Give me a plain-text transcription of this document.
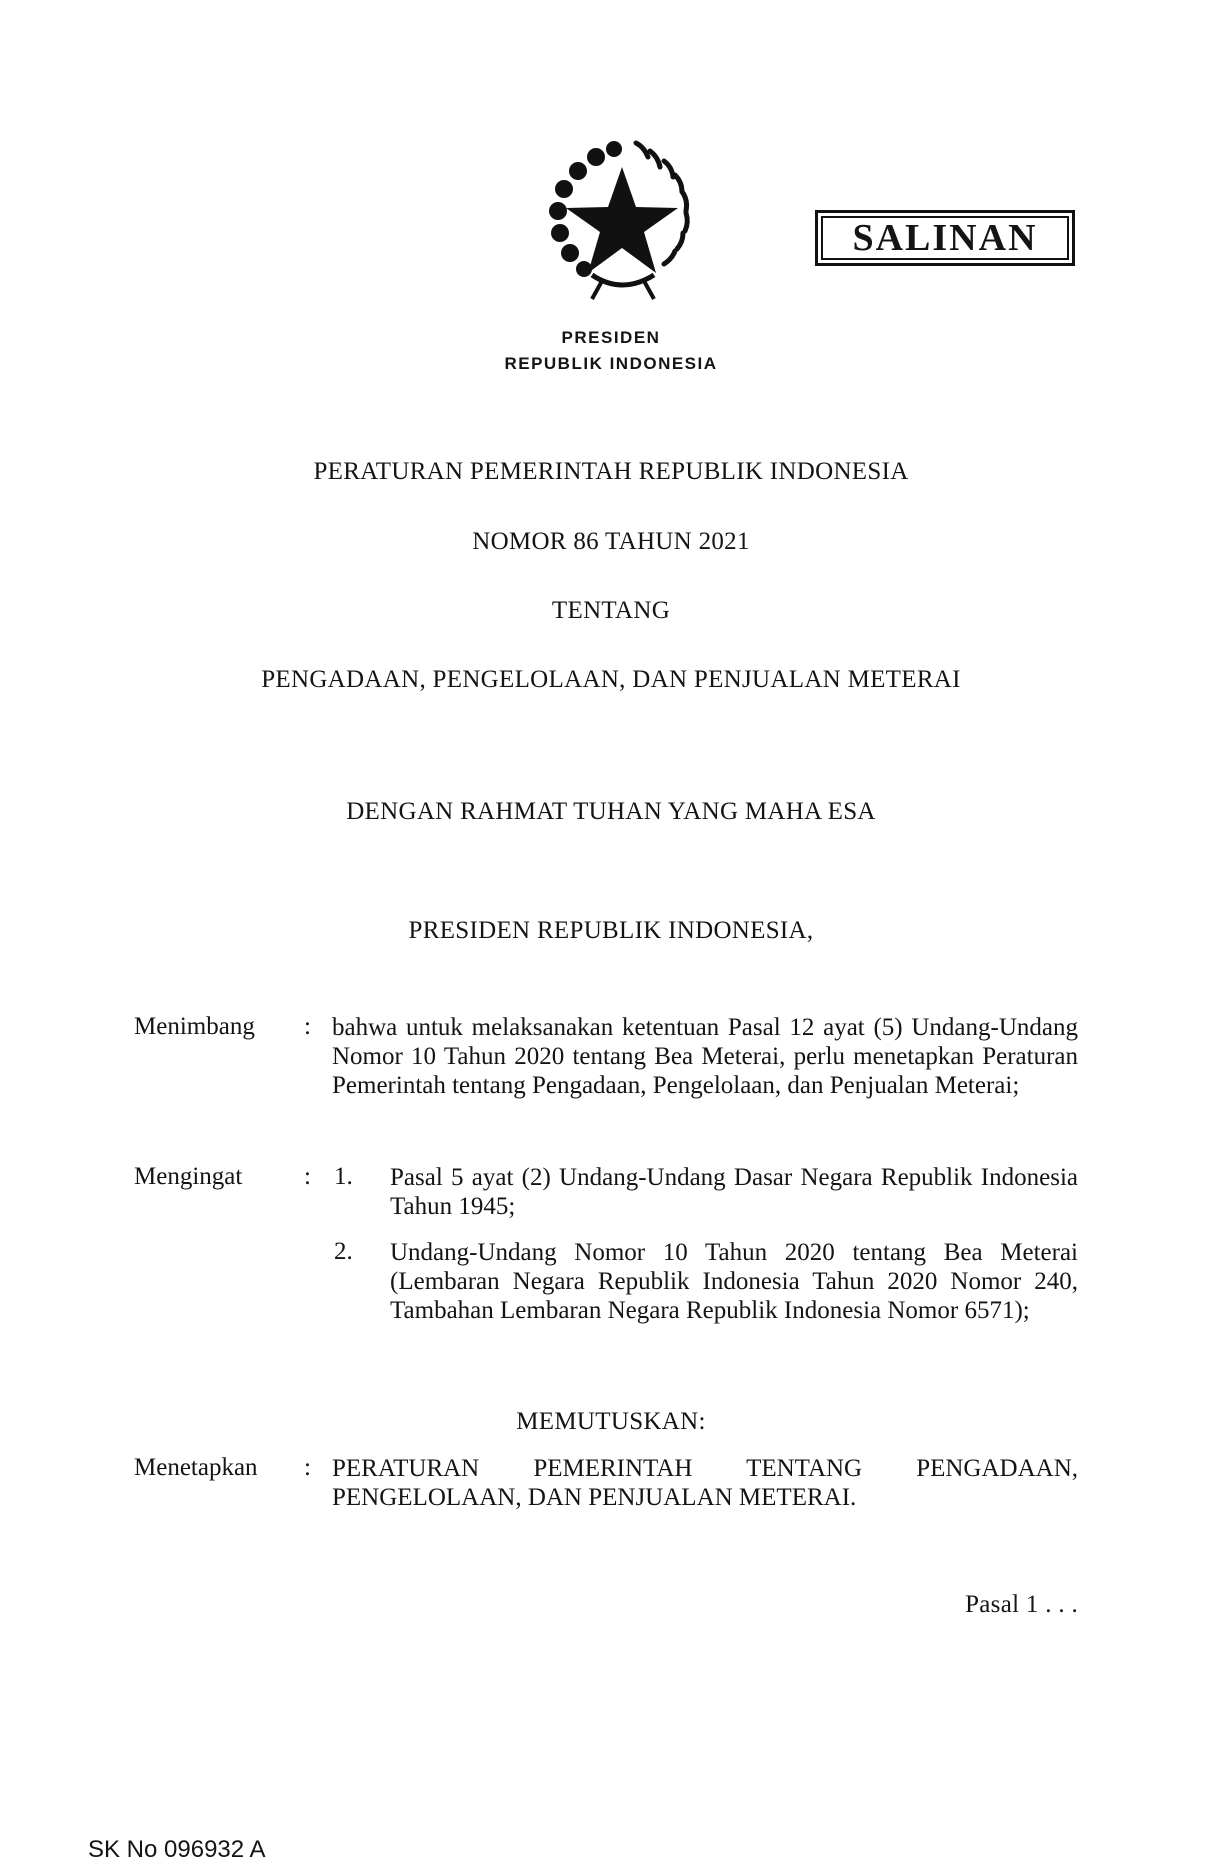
SALINAN
PRESIDEN
REPUBLIK INDONESIA
PERATURAN PEMERINTAH REPUBLIK INDONESIA
NOMOR 86 TAHUN 2021
TENTANG
PENGADAAN, PENGELOLAAN, DAN PENJUALAN METERAI
DENGAN RAHMAT TUHAN YANG MAHA ESA
PRESIDEN REPUBLIK INDONESIA,
Menimbang : bahwa untuk melaksanakan ketentuan Pasal 12 ayat (5) Undang-Undang Nomor 10 Tahun 2020 tentang Bea Meterai, perlu menetapkan Peraturan Pemerintah tentang Pengadaan, Pengelolaan, dan Penjualan Meterai;
Mengingat : 1. Pasal 5 ayat (2) Undang-Undang Dasar Negara Republik Indonesia Tahun 1945;
2. Undang-Undang Nomor 10 Tahun 2020 tentang Bea Meterai (Lembaran Negara Republik Indonesia Tahun 2020 Nomor 240, Tambahan Lembaran Negara Republik Indonesia Nomor 6571);
MEMUTUSKAN:
Menetapkan : PERATURAN PEMERINTAH TENTANG PENGADAAN, PENGELOLAAN, DAN PENJUALAN METERAI.
Pasal 1 . . .
SK No 096932 A
